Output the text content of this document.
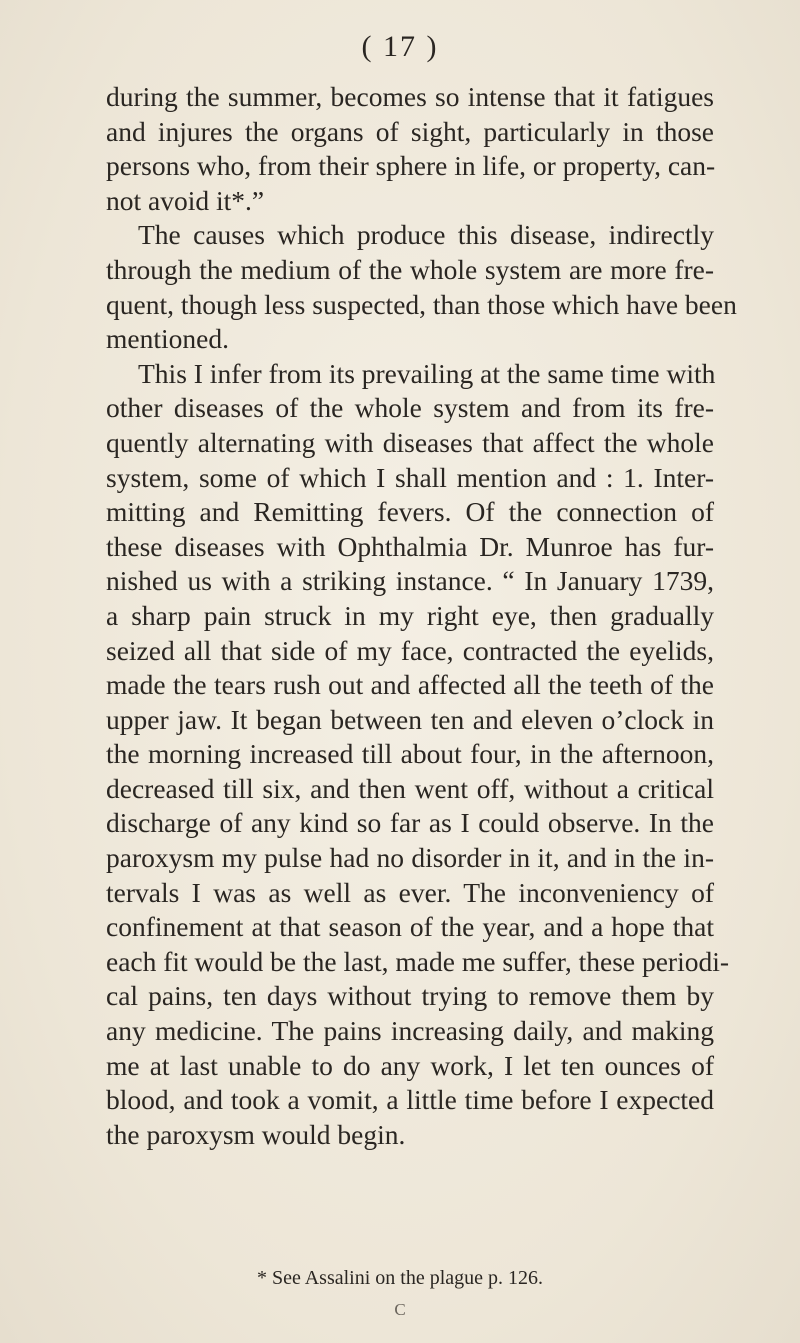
( 17 )
during the summer, becomes so intense that it fatigues
and injures the organs of sight, particularly in those
persons who, from their sphere in life, or property, can-
not avoid it*.”
The causes which produce this disease, indirectly
through the medium of the whole system are more fre-
quent, though less suspected, than those which have been
mentioned.
This I infer from its prevailing at the same time with
other diseases of the whole system and from its fre-
quently alternating with diseases that affect the whole
system, some of which I shall mention and : 1. Inter-
mitting and Remitting fevers. Of the connection of
these diseases with Ophthalmia Dr. Munroe has fur-
nished us with a striking instance. “ In January 1739,
a sharp pain struck in my right eye, then gradually
seized all that side of my face, contracted the eyelids,
made the tears rush out and affected all the teeth of the
upper jaw. It began between ten and eleven o’clock in
the morning increased till about four, in the afternoon,
decreased till six, and then went off, without a critical
discharge of any kind so far as I could observe. In the
paroxysm my pulse had no disorder in it, and in the in-
tervals I was as well as ever. The inconveniency of
confinement at that season of the year, and a hope that
each fit would be the last, made me suffer, these periodi-
cal pains, ten days without trying to remove them by
any medicine. The pains increasing daily, and making
me at last unable to do any work, I let ten ounces of
blood, and took a vomit, a little time before I expected
the paroxysm would begin.
* See Assalini on the plague p. 126.
C
